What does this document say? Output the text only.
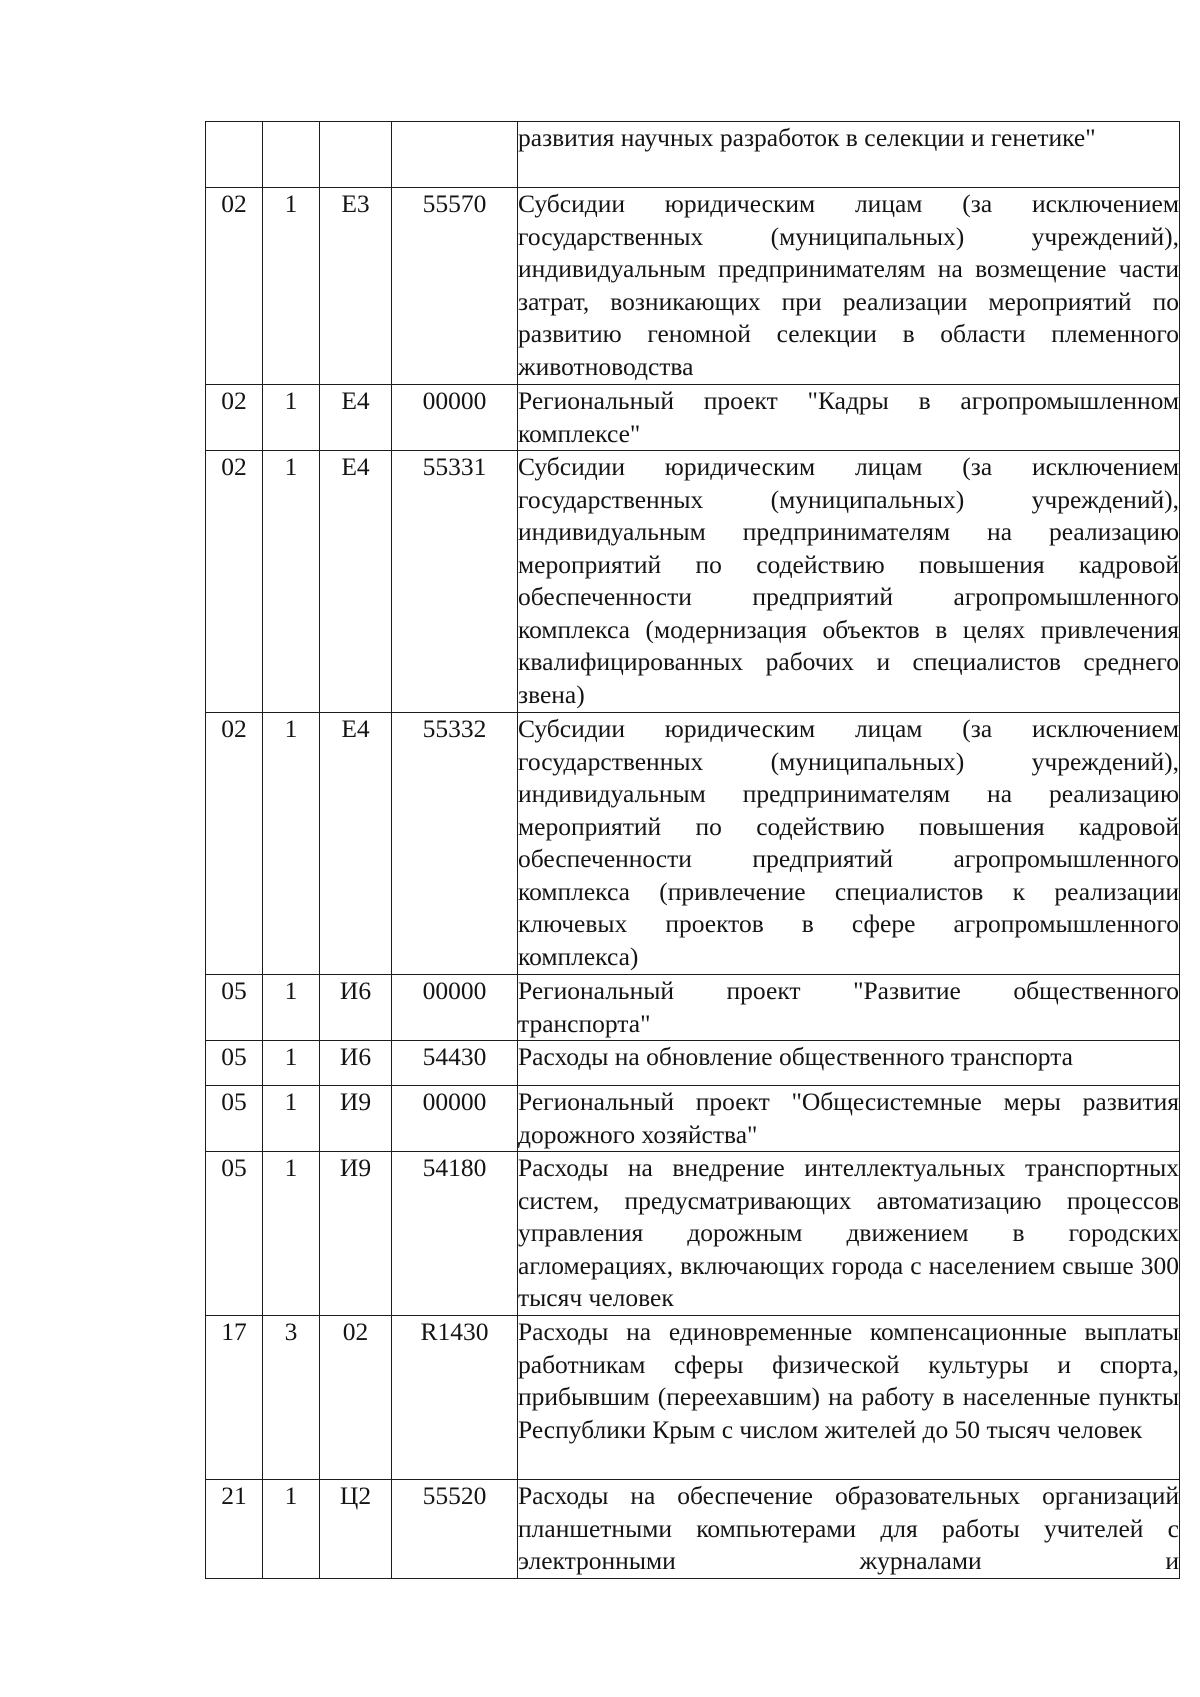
				развития научных разработок в селекции и генетике"
02	1	E3	55570	Субсидии юридическим лицам (за исключением государственных (муниципальных) учреждений), индивидуальным предпринимателям на возмещение части затрат, возникающих при реализации мероприятий по развитию геномной селекции в области племенного животноводства
02	1	E4	00000	Региональный проект "Кадры в агропромышленном комплексе"
02	1	E4	55331	Субсидии юридическим лицам (за исключением государственных (муниципальных) учреждений), индивидуальным предпринимателям на реализацию мероприятий по содействию повышения кадровой обеспеченности предприятий агропромышленного комплекса (модернизация объектов в целях привлечения квалифицированных рабочих и специалистов среднего звена)
02	1	E4	55332	Субсидии юридическим лицам (за исключением государственных (муниципальных) учреждений), индивидуальным предпринимателям на реализацию мероприятий по содействию повышения кадровой обеспеченности предприятий агропромышленного комплекса (привлечение специалистов к реализации ключевых проектов в сфере агропромышленного комплекса)
05	1	И6	00000	Региональный проект "Развитие общественного транспорта"
05	1	И6	54430	Расходы на обновление общественного транспорта
05	1	И9	00000	Региональный проект "Общесистемные меры развития дорожного хозяйства"
05	1	И9	54180	Расходы на внедрение интеллектуальных транспортных систем, предусматривающих автоматизацию процессов управления дорожным движением в городских агломерациях, включающих города с населением свыше 300 тысяч человек
17	3	02	R1430	Расходы на единовременные компенсационные выплаты работникам сферы физической культуры и спорта, прибывшим (переехавшим) на работу в населенные пункты Республики Крым с числом жителей до 50 тысяч человек
21	1	Ц2	55520	Расходы на обеспечение образовательных организаций планшетными компьютерами для работы учителей с электронными журналами и
